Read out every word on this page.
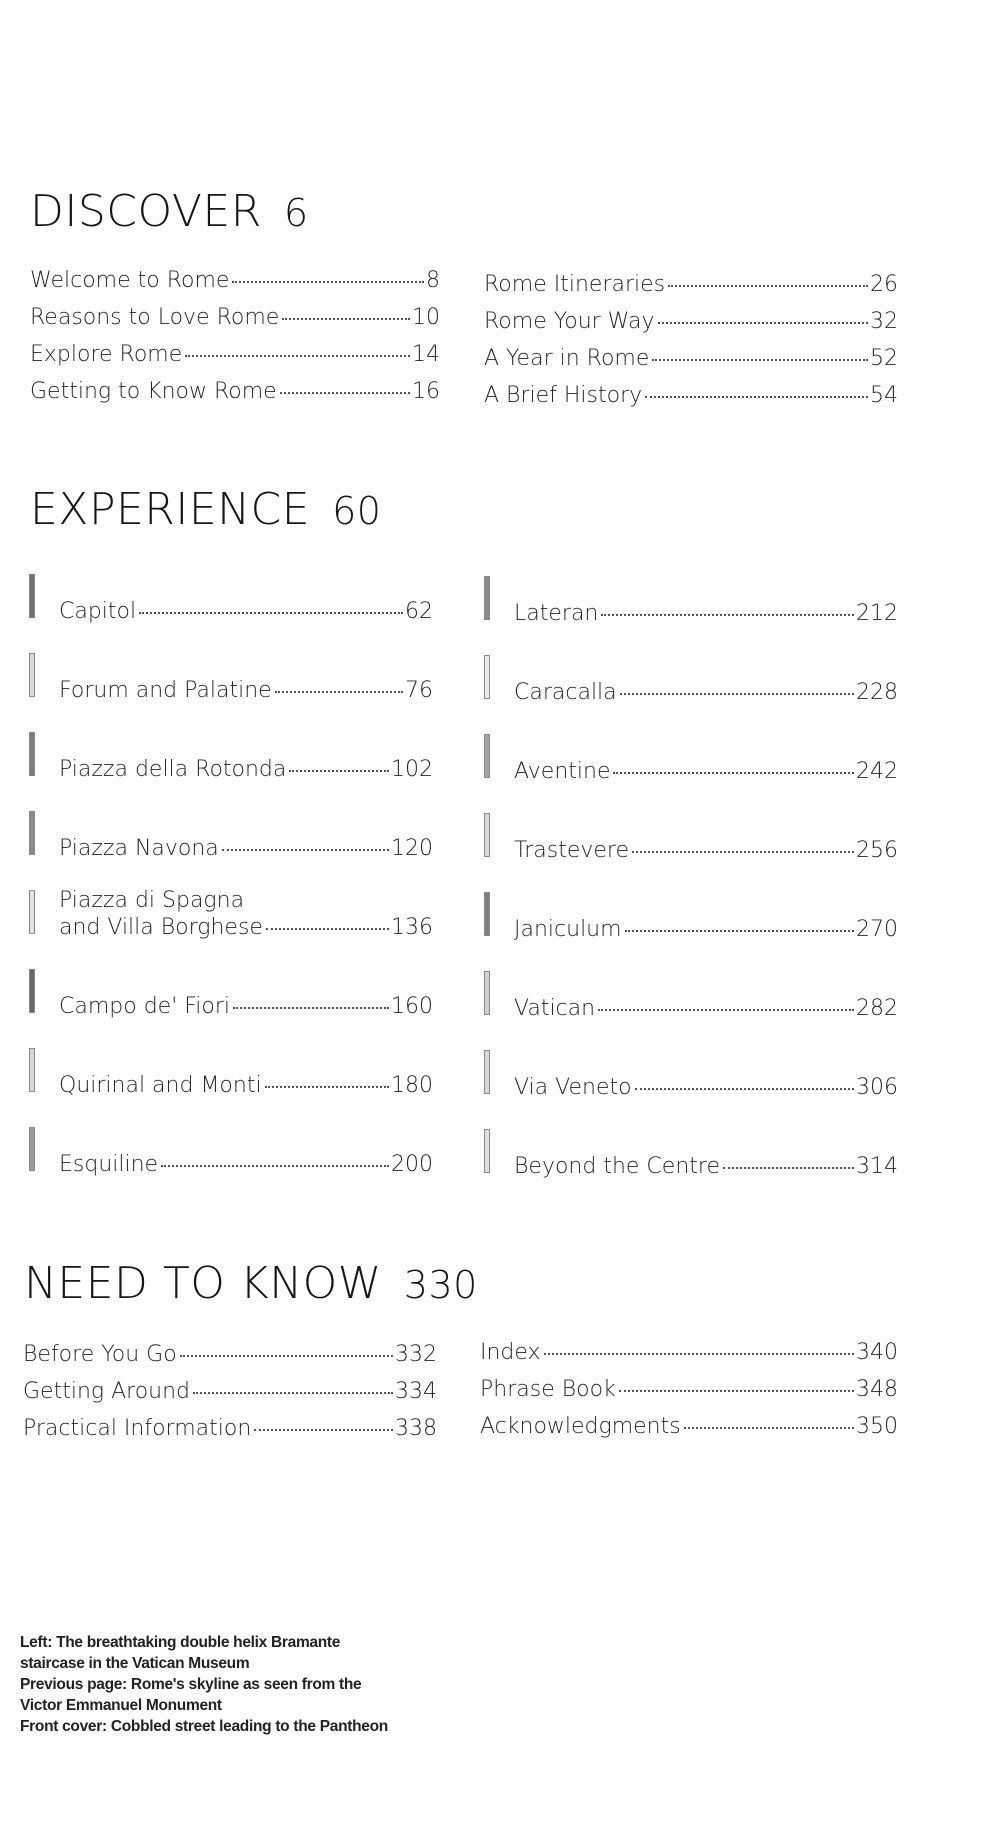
DISCOVER 6
Welcome to Rome	8
Reasons to Love Rome	10
Explore Rome	14
Getting to Know Rome	16
Rome Itineraries	26
Rome Your Way	32
A Year in Rome	52
A Brief History	54
EXPERIENCE 60
Capitol	62
Forum and Palatine	76
Piazza della Rotonda	102
Piazza Navona	120
Piazza di Spagna
and Villa Borghese	136
Campo de' Fiori	160
Quirinal and Monti	180
Esquiline	200
Lateran	212
Caracalla	228
Aventine	242
Trastevere	256
Janiculum	270
Vatican	282
Via Veneto	306
Beyond the Centre	314
NEED TO KNOW 330
Before You Go	332
Getting Around	334
Practical Information	338
Index	340
Phrase Book	348
Acknowledgments	350
Left: The breathtaking double helix Bramante
staircase in the Vatican Museum
Previous page: Rome's skyline as seen from the
Victor Emmanuel Monument
Front cover: Cobbled street leading to the Pantheon
